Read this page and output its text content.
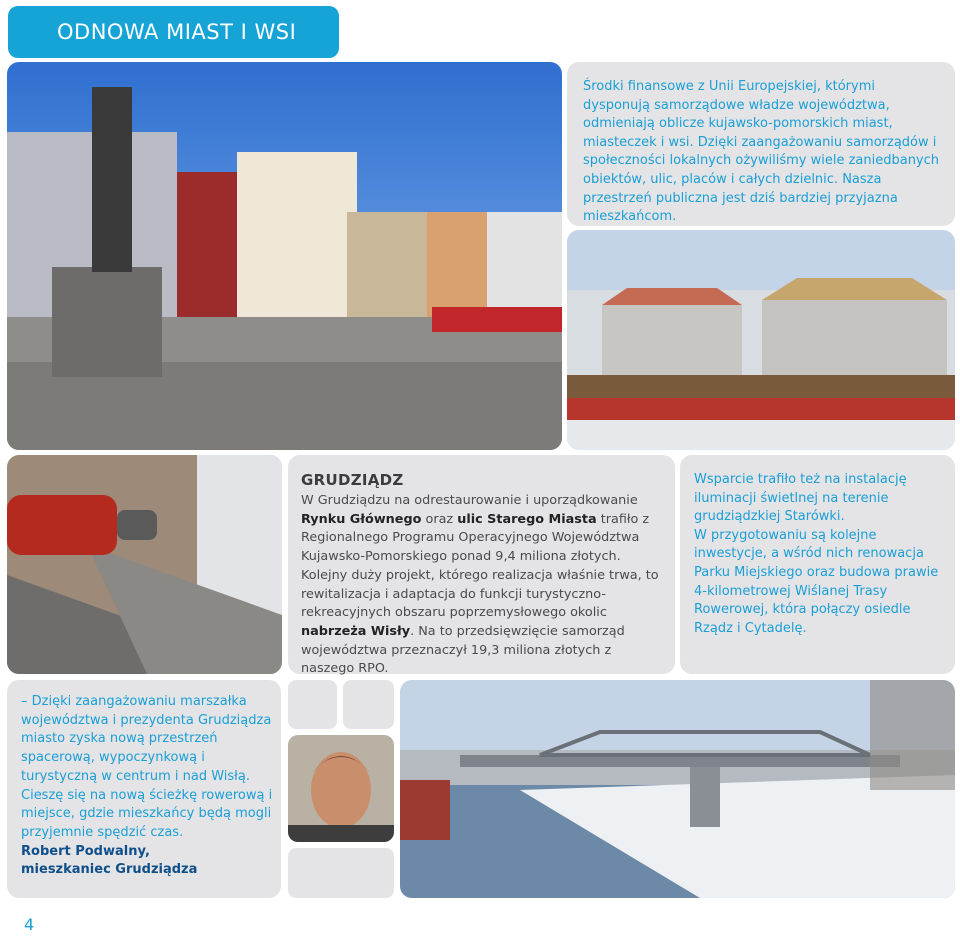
ODNOWA MIAST I WSI
Środki finansowe z Unii Europejskiej, którymi dysponują samorządowe władze województwa, odmieniają oblicze kujawsko-pomorskich miast, miasteczek i wsi. Dzięki zaangażowaniu samorządów i społeczności lokalnych ożywiliśmy wiele zaniedbanych obiektów, ulic, placów i całych dzielnic. Nasza przestrzeń publiczna jest dziś bardziej przyjazna mieszkańcom.
GRUDZIĄDZ
W Grudziądzu na odrestaurowanie i uporządkowanie Rynku Głównego oraz ulic Starego Miasta trafiło z Regionalnego Programu Operacyjnego Województwa Kujawsko-Pomorskiego ponad 9,4 miliona złotych. Kolejny duży projekt, którego realizacja właśnie trwa, to rewitalizacja i adaptacja do funkcji turystyczno-rekreacyjnych obszaru poprzemysłowego okolic nabrzeża Wisły. Na to przedsięwzięcie samorząd województwa przeznaczył 19,3 miliona złotych z naszego RPO.
Wsparcie trafiło też na instalację iluminacji świetlnej na terenie grudziądzkiej Starówki.
W przygotowaniu są kolejne inwestycje, a wśród nich renowacja Parku Miejskiego oraz budowa prawie 4-kilometrowej Wiślanej Trasy Rowerowej, która połączy osiedle Rządz i Cytadelę.
– Dzięki zaangażowaniu marszałka województwa i prezydenta Grudziądza miasto zyska nową przestrzeń spacerową, wypoczynkową i turystyczną w centrum i nad Wisłą. Cieszę się na nową ścieżkę rowerową i miejsce, gdzie mieszkańcy będą mogli przyjemnie spędzić czas.
Robert Podwalny, mieszkaniec Grudziądza
4
